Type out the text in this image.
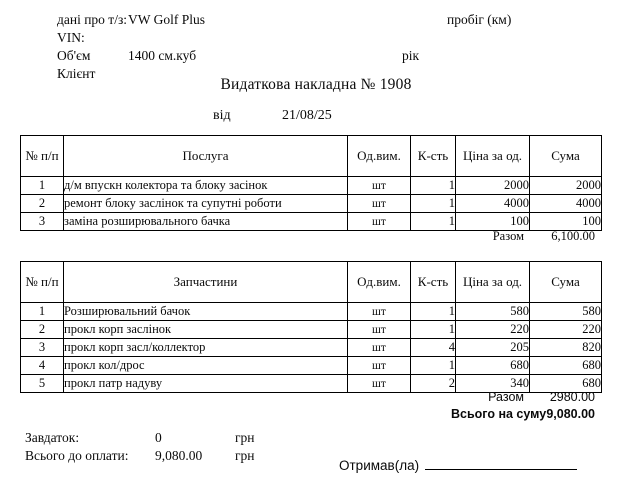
дані про т/з: VW Golf Plus	пробіг (км)
VIN:
Об'єм	1400 см.куб	рік
Клієнт
Видаткова накладна № 1908
від	21/08/25
№ п/п	Послуга	Од.вим.	К-сть	Ціна за од.	Сума
1	д/м впускн колектора та блоку засінок	шт	1	2000	2000
2	ремонт блоку заслінок та супутні роботи	шт	1	4000	4000
3	заміна розширювального бачка	шт	1	100	100
	Разом	6,100.00
№ п/п	Запчастини	Од.вим.	К-сть	Ціна за од.	Сума
1	Розширювальний бачок	шт	1	580	580
2	прокл корп заслінок	шт	1	220	220
3	прокл корп засл/коллектор	шт	4	205	820
4	прокл кол/дрос	шт	1	680	680
5	прокл патр надуву	шт	2	340	680
	Разом	2980.00
	Всього на суму	9,080.00
Завдаток:	0	грн
Всього до оплати: 9,080.00 грн
Отримав(ла)
